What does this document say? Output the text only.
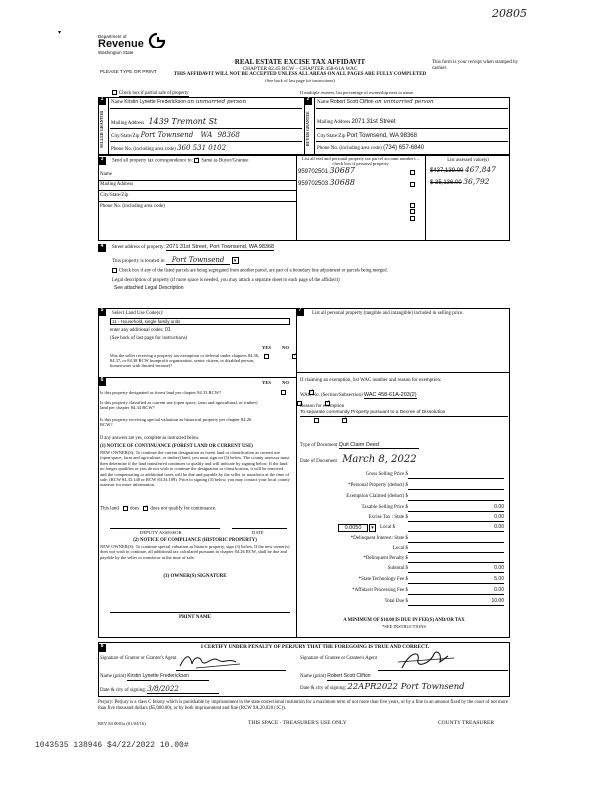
20805
▾
Department of
Revenue
Washington State
PLEASE TYPE OR PRINT
REAL ESTATE EXCISE TAX AFFIDAVIT
CHAPTER 82.45 RCW – CHAPTER 458-61A WAC
THIS AFFIDAVIT WILL NOT BE ACCEPTED UNLESS ALL AREAS ON ALL PAGES ARE FULLY COMPLETED
(See back of last page for instructions)
This form is your receipt when stamped by cashier.
Check box if partial sale of property	If multiple owners, list percentage of ownership next to name.
1	2
SELLER GRANTOR	BUYER GRANTEE
Name Kirstin Lynette Frederickson an unmarried person
Mailing Address 1439 Tremont St
City/State/Zip Port Townsend WA 98368
Phone No. (including area code) 360 531 0102
Name Robert Scott Clifton an unmarried person
Mailing Address 2071 31st Street
City/State/Zip Port Townsend, WA 98368
Phone No. (including area code) (734) 657-6840
3	Send all property tax correspondence to: ✓ Same as Buyer/Grantee
List all real and personal property tax parcel account numbers – check box if personal property
List assessed value(s)
Name
Mailing Address
City/State/Zip
Phone No. (including area code)
959702501 30687	$437,139.00 467,847
959702503 30688	$ 35,136.00 36,792

4	Street address of property: 2071 31st Street, Port Townsend, WA 98368
This property is located in Port Townsend ▾
Check box if any of the listed parcels are being segregated from another parcel, are part of a boundary line adjustment or parcels being merged.
Legal description of property (if more space is needed, you may attach a separate sheet to each page of the affidavit)
See attached Legal Description
5	7
Select Land Use Code(s):
11 - Household, single family units
enter any additional codes: 01
(See back of last page for instructions)
YES NO
Was the seller receiving a property tax exemption or deferral under chapters 84.36, 84.37, or 84.38 RCW (nonprofit organization, senior citizen, or disabled person, homeowner with limited income)?
✓
6	YES NO
Is this property designated as forest land per chapter 84.33 RCW?
✓
Is this property classified as current use (open space, farm and agricultural, or timber) land per chapter 84.34 RCW?
✓
Is this property receiving special valuation as historical property per chapter 84.26 RCW?
✓
If any answers are yes, complete as instructed below.
(1) NOTICE OF CONTINUANCE (FOREST LAND OR CURRENT USE)
NEW OWNER(S): To continue the current designation as forest land or classification as current use (open space, farm and agriculture, or timber) land, you must sign on (3) below. The county assessor must then determine if the land transferred continues to qualify and will indicate by signing below. If the land no longer qualifies or you do not wish to continue the designation or classification, it will be removed and the compensating or additional taxes will be due and payable by the seller or transferor at the time of sale. (RCW 84.33.140 or RCW 84.34.108). Prior to signing (3) below, you may contact your local county assessor for more information.
This land does ✓ does not qualify for continuance.
DEPUTY ASSESSOR	DATE
(2) NOTICE OF COMPLIANCE (HISTORIC PROPERTY)
NEW OWNER(S): To continue special valuation as historic property, sign (3) below. If the new owner(s) does not wish to continue, all additional tax calculated pursuant to chapter 84.26 RCW, shall be due and payable by the seller or transferor at the time of sale.
(3) OWNER(S) SIGNATURE
PRINT NAME
List all personal property (tangible and intangible) included in selling price.
If claiming an exemption, list WAC number and reason for exemption:
WAC No. (Section/Subsection) WAC 458-61A-203(2)
Reason for exemption
To separate community Property pursuant to a Decree of Dissolution
Type of Document Quit Claim Deed
Date of Document March 8, 2022
Gross Selling Price $
*Personal Property (deduct) $
Exemption Claimed (deduct) $
Taxable Selling Price $	0.00
Excise Tax : State $	0.00
0.0050	▾	Local $	0.00
*Delinquent Interest: State $
Local $
*Delinquent Penalty $
Subtotal $	0.00
*State Technology Fee $	5.00
*Affidavit Processing Fee $	0.00
Total Due $	10.00
A MINIMUM OF $10.00 IS DUE IN FEE(S) AND/OR TAX
*SEE INSTRUCTIONS
8	I CERTIFY UNDER PENALTY OF PERJURY THAT THE FOREGOING IS TRUE AND CORRECT.
Signature of Grantor or Grantor's Agent	Signature of Grantee or Grantee's Agent
Name (print) Kirstin Lynette Frederickson	Name (print) Robert Scott Clifton
Date & city of signing: 3/8/2022	Date & city of signing: 22APR2022 Port Townsend
Perjury: Perjury is a class C felony which is punishable by imprisonment in the state correctional institution for a maximum term of not more than five years, or by a fine in an amount fixed by the court of not more than five thousand dollars ($5,000.00), or by both imprisonment and fine (RCW 9A.20.020 (1C)).
REV 84 0001a (01/04/16)	THIS SPACE - TREASURER'S USE ONLY	COUNTY TREASURER
1043535 138946 $4/22/2022 10.00#
